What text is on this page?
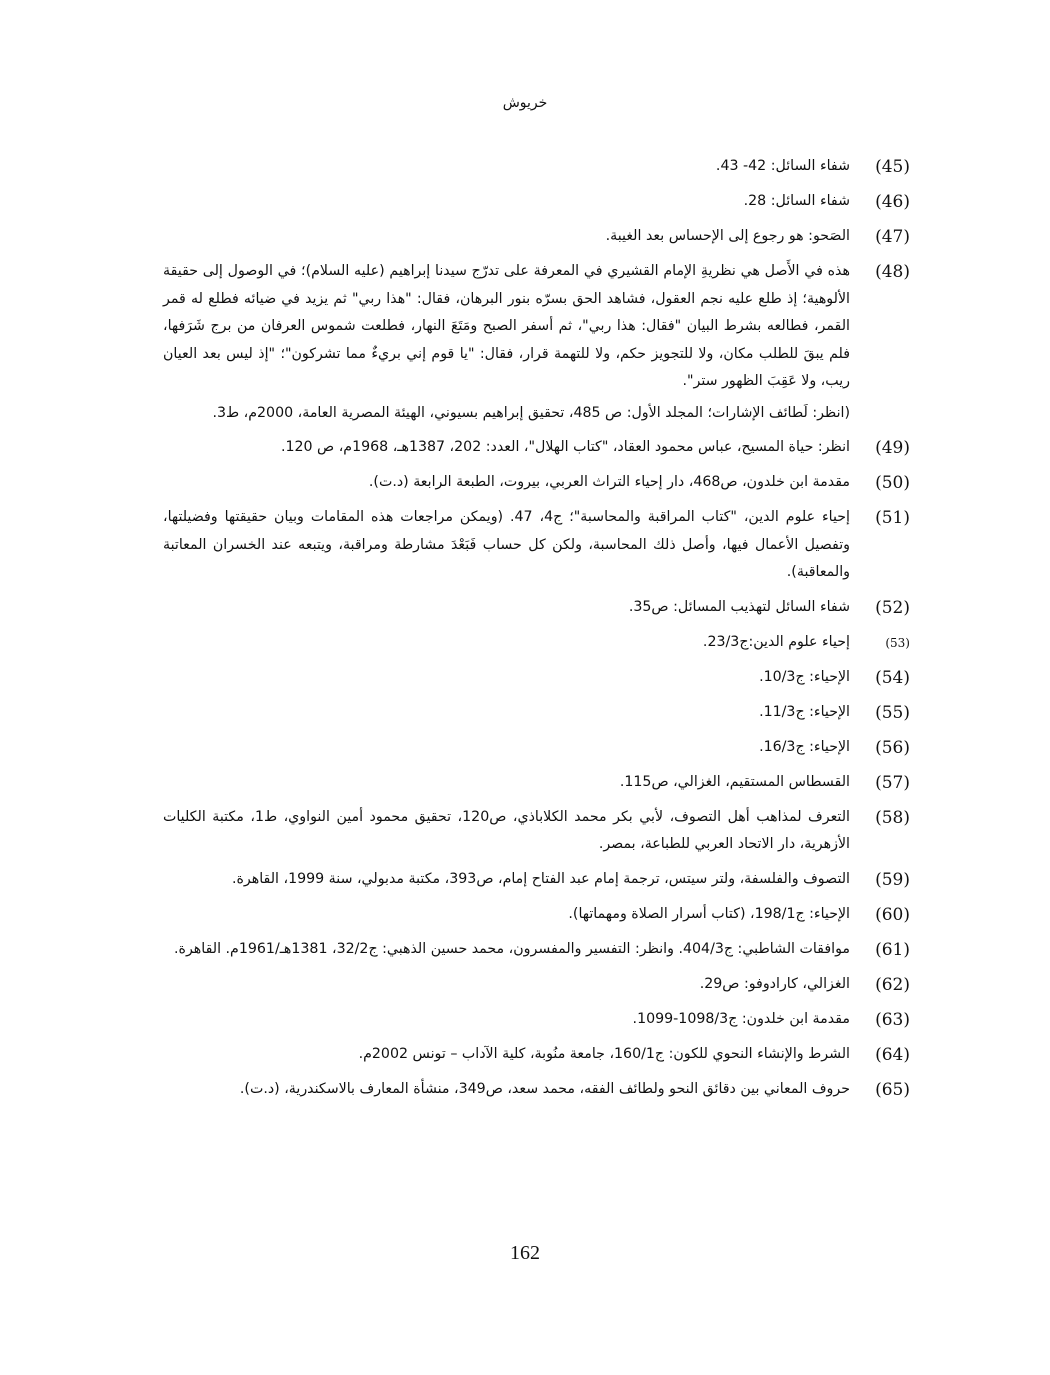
خريوش
(45)

شفاء السائل: 42- 43.

(46)

شفاء السائل: 28.

(47)

الصَحو: هو رجوع إلى الإحساس بعد الغيبة.

(48)

هذه في الأَصل هي نظريةِ الإمام القشيري في المعرفة على تدرّج سيدنا إبراهيم (عليه السلام)؛ في الوصول إلى حقيقة الألوهية؛ إذ طلع عليه نجم العقول، فشاهد الحق بسرّه بنور البرهان، فقال: "هذا ربي" ثم يزيد في ضيائه فطلع له قمر القمر، فطالعه بشرط البيان "فقال: هذا ربي"، ثم أسفر الصبح ومَتَعَ النهار، فطلعت شموس العرفان من برج شَرَفها، فلم يبقَ للطلب مكان، ولا للتجويز حكم، ولا للتهمة قرار، فقال: "يا قوم إني بريءٌ مما تشركون"؛ "إذ ليس بعد العيان ريب، ولا عَقِبَ الظهور ستر".

(انظر: لَطائف الإشارات؛ المجلد الأول: ص 485، تحقيق إبراهيم بسيوني، الهيئة المصرية العامة، 2000م، ط3.

(49)

انظر: حياة المسيح، عباس محمود العقاد، "كتاب الهلال"، العدد: 202، 1387هـ، 1968م، ص 120.

(50)

مقدمة ابن خلدون، ص468، دار إحياء التراث العربي، بيروت، الطبعة الرابعة (د.ت).

(51)

إحياء علوم الدين، "كتاب المراقبة والمحاسبة"؛ ج4، 47. (ويمكن مراجعات هذه المقامات وبيان حقيقتها وفضيلتها، وتفصيل الأعمال فيها، وأصل ذلك المحاسبة، ولكن كل حساب فَبَعْدَ مشارطة ومراقبة، ويتبعه عند الخسران المعاتبة والمعاقبة).

(52)

شفاء السائل لتهذيب المسائل: ص35.

(53)

إحياء علوم الدين:ج23/3.

(54)

الإحياء: ج10/3.

(55)

الإحياء: ج11/3.

(56)

الإحياء: ج16/3.

(57)

القسطاس المستقيم، الغزالي، ص115.

(58)

التعرف لمذاهب أهل التصوف، لأبي بكر محمد الكلاباذي، ص120، تحقيق محمود أمين النواوي، ط1، مكتبة الكليات الأزهرية، دار الاتحاد العربي للطباعة، بمصر.

(59)

التصوف والفلسفة، ولتر سيتس، ترجمة إمام عبد الفتاح إمام، ص393، مكتبة مدبولي، سنة 1999، القاهرة.

(60)

الإحياء: ج198/1، (كتاب أسرار الصلاة ومهماتها).

(61)

موافقات الشاطبي: ج404/3. وانظر: التفسير والمفسرون، محمد حسين الذهبي: ج32/2، 1381هـ/1961م. القاهرة.

(62)

الغزالي، كارادوفو: ص29.

(63)

مقدمة ابن خلدون: ج1098/3-1099.

(64)

الشرط والإنشاء النحوي للكون: ج160/1، جامعة منُوبة، كلية الآداب – تونس 2002م.

(65)

حروف المعاني بين دقائق النحو ولطائف الفقه، محمد سعد، ص349، منشأة المعارف بالاسكندرية، (د.ت).

162
